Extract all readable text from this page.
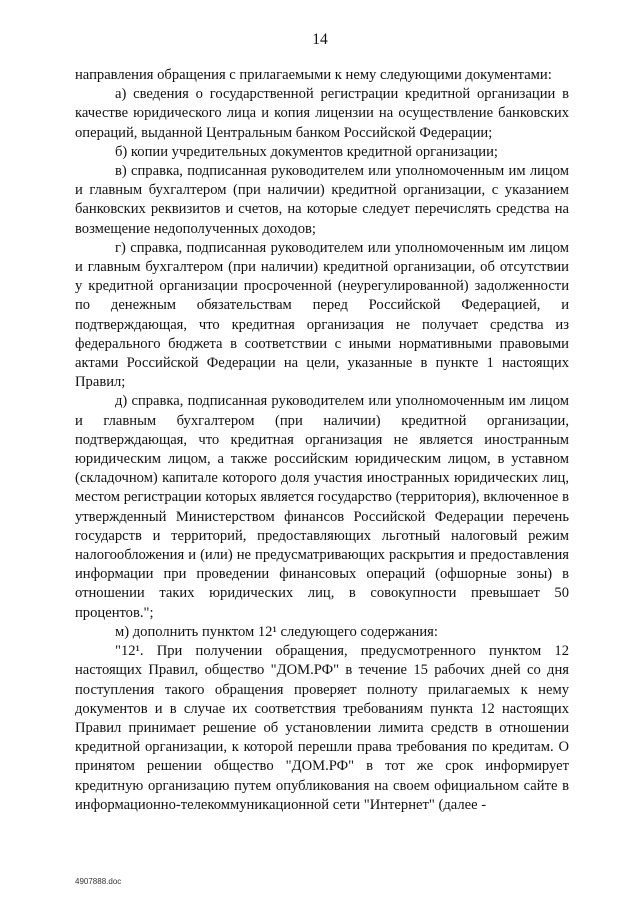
14

направления обращения с прилагаемыми к нему следующими документами:

а) сведения о государственной регистрации кредитной организации в качестве юридического лица и копия лицензии на осуществление банковских операций, выданной Центральным банком Российской Федерации;

б) копии учредительных документов кредитной организации;

в) справка, подписанная руководителем или уполномоченным им лицом и главным бухгалтером (при наличии) кредитной организации, с указанием банковских реквизитов и счетов, на которые следует перечислять средства на возмещение недополученных доходов;

г) справка, подписанная руководителем или уполномоченным им лицом и главным бухгалтером (при наличии) кредитной организации, об отсутствии у кредитной организации просроченной (неурегулированной) задолженности по денежным обязательствам перед Российской Федерацией, и подтверждающая, что кредитная организация не получает средства из федерального бюджета в соответствии с иными нормативными правовыми актами Российской Федерации на цели, указанные в пункте 1 настоящих Правил;

д) справка, подписанная руководителем или уполномоченным им лицом и главным бухгалтером (при наличии) кредитной организации, подтверждающая, что кредитная организация не является иностранным юридическим лицом, а также российским юридическим лицом, в уставном (складочном) капитале которого доля участия иностранных юридических лиц, местом регистрации которых является государство (территория), включенное в утвержденный Министерством финансов Российской Федерации перечень государств и территорий, предоставляющих льготный налоговый режим налогообложения и (или) не предусматривающих раскрытия и предоставления информации при проведении финансовых операций (офшорные зоны) в отношении таких юридических лиц, в совокупности превышает 50 процентов.";

м) дополнить пунктом 12¹ следующего содержания:

"12¹. При получении обращения, предусмотренного пунктом 12 настоящих Правил, общество "ДОМ.РФ" в течение 15 рабочих дней со дня поступления такого обращения проверяет полноту прилагаемых к нему документов и в случае их соответствия требованиям пункта 12 настоящих Правил принимает решение об установлении лимита средств в отношении кредитной организации, к которой перешли права требования по кредитам. О принятом решении общество "ДОМ.РФ" в тот же срок информирует кредитную организацию путем опубликования на своем официальном сайте в информационно-телекоммуникационной сети "Интернет" (далее -

4907888.doc
